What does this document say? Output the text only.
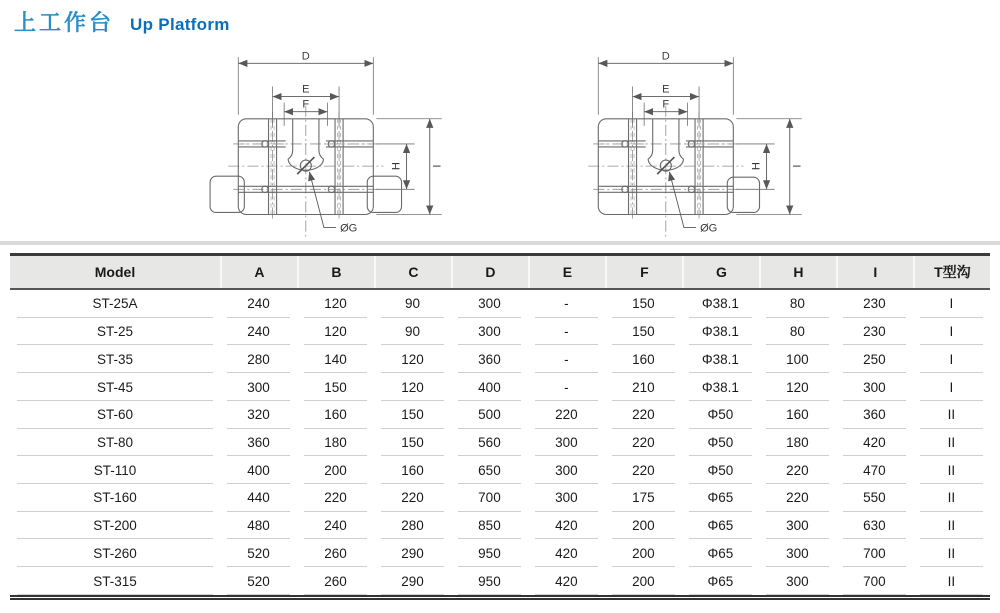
上工作台 Up Platform
Model	A	B	C	D	E	F	G	H	I	T型沟
ST-25A	240	120	90	300	-	150	Φ38.1	80	230	I
ST-25	240	120	90	300	-	150	Φ38.1	80	230	I
ST-35	280	140	120	360	-	160	Φ38.1	100	250	I
ST-45	300	150	120	400	-	210	Φ38.1	120	300	I
ST-60	320	160	150	500	220	220	Φ50	160	360	II
ST-80	360	180	150	560	300	220	Φ50	180	420	II
ST-110	400	200	160	650	300	220	Φ50	220	470	II
ST-160	440	220	220	700	300	175	Φ65	220	550	II
ST-200	480	240	280	850	420	200	Φ65	300	630	II
ST-260	520	260	290	950	420	200	Φ65	300	700	II
ST-315	520	260	290	950	420	200	Φ65	300	700	II
